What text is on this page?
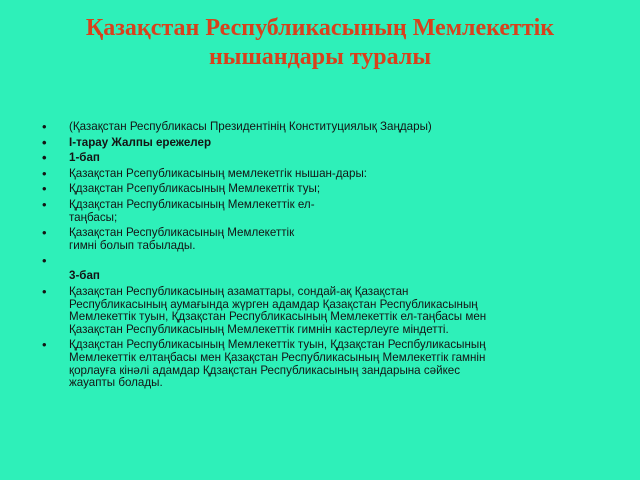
Қазақстан Республикасының Мемлекеттік
нышандары туралы
• (Қазақстан Республикасы Президентінің Конституциялық Заңдары)
• І-тарау Жалпы ережелер
• 1-бап
• Қазақстан Рсепубликасының мемлекетгік нышан-дары:
• Қдзақстан Рсепубликасының Мемлекетгік туы;
• Қдзақстан Республикасының Мемлекеттік ел-
таңбасы;
• Қазақстан Республикасының Мемлекеттік
гимні болып табылады.
•
3-бап
• Қазақстан Республикасының азаматтары, сондай-ақ Қазақстан
Республикасының аумағында жүрген адамдар Қазақстан Республикасының
Мемлекеттік туын, Қдзақстан Республикасының Мемлекеттік ел-таңбасы мен
Қазақстан Республикасының Мемлекеттік гимнін кастерлеуге міндетті.
• Қдзақстан Республикасының Мемлекеттік туын, Қдзақстан Респбуликасының
Мемлекеттік елтаңбасы мен Қазақстан Республикасының Мемлекетгік гамнін
қорлауға кінәлі адамдар Қдзақстан Республикасының зандарына сәйкес
жауапты болады.
